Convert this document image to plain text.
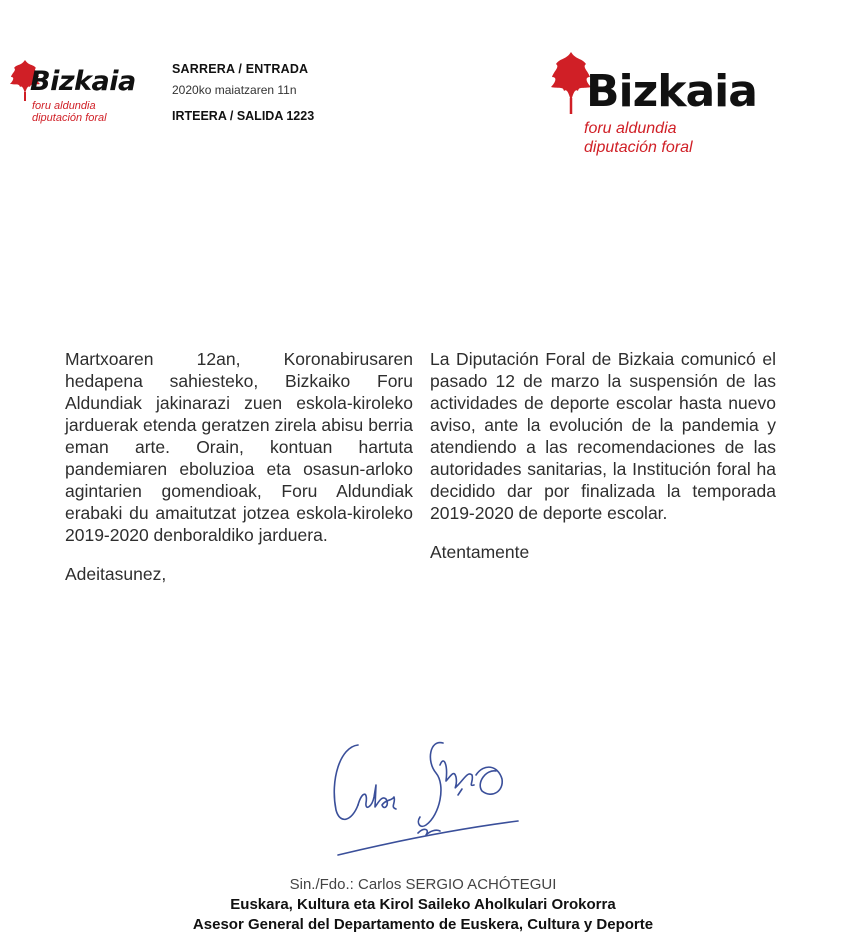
Bizkaia
foru aldundia
diputación foral
SARRERA / ENTRADA
2020ko maiatzaren 11n
IRTEERA / SALIDA 1223	Bizkaia
foru aldundia
diputación foral

Martxoaren 12an, Koronabirusaren hedapena sahiesteko, Bizkaiko Foru Aldundiak jakinarazi zuen eskola-kiroleko jarduerak etenda geratzen zirela abisu berria eman arte. Orain, kontuan hartuta pandemiaren eboluzioa eta osasun-arloko agintarien gomendioak, Foru Aldundiak erabaki du amaitutzat jotzea eskola-kiroleko 2019-2020 denboraldiko jarduera.

Adeitasunez,

La Diputación Foral de Bizkaia comunicó el pasado 12 de marzo la suspensión de las actividades de deporte escolar hasta nuevo aviso, ante la evolución de la pandemia y atendiendo a las recomendaciones de las autoridades sanitarias, la Institución foral ha decidido dar por finalizada la temporada 2019-2020 de deporte escolar.

Atentamente

Sin./Fdo.: Carlos SERGIO ACHÓTEGUI
Euskara, Kultura eta Kirol Saileko Aholkulari Orokorra
Asesor General del Departamento de Euskera, Cultura y Deporte
